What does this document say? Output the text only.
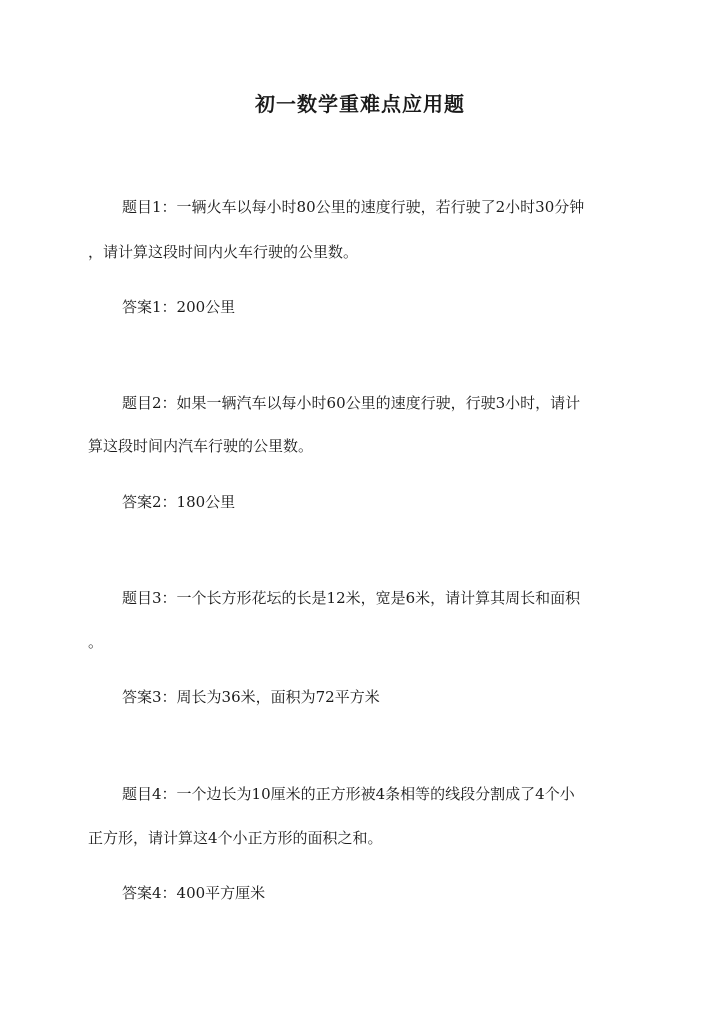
初一数学重难点应用题
题目1：一辆火车以每小时80公里的速度行驶，若行驶了2小时30分钟
，请计算这段时间内火车行驶的公里数。
答案1：200公里
题目2：如果一辆汽车以每小时60公里的速度行驶，行驶3小时，请计
算这段时间内汽车行驶的公里数。
答案2：180公里
题目3：一个长方形花坛的长是12米，宽是6米，请计算其周长和面积
。
答案3：周长为36米，面积为72平方米
题目4：一个边长为10厘米的正方形被4条相等的线段分割成了4个小
正方形，请计算这4个小正方形的面积之和。
答案4：400平方厘米
